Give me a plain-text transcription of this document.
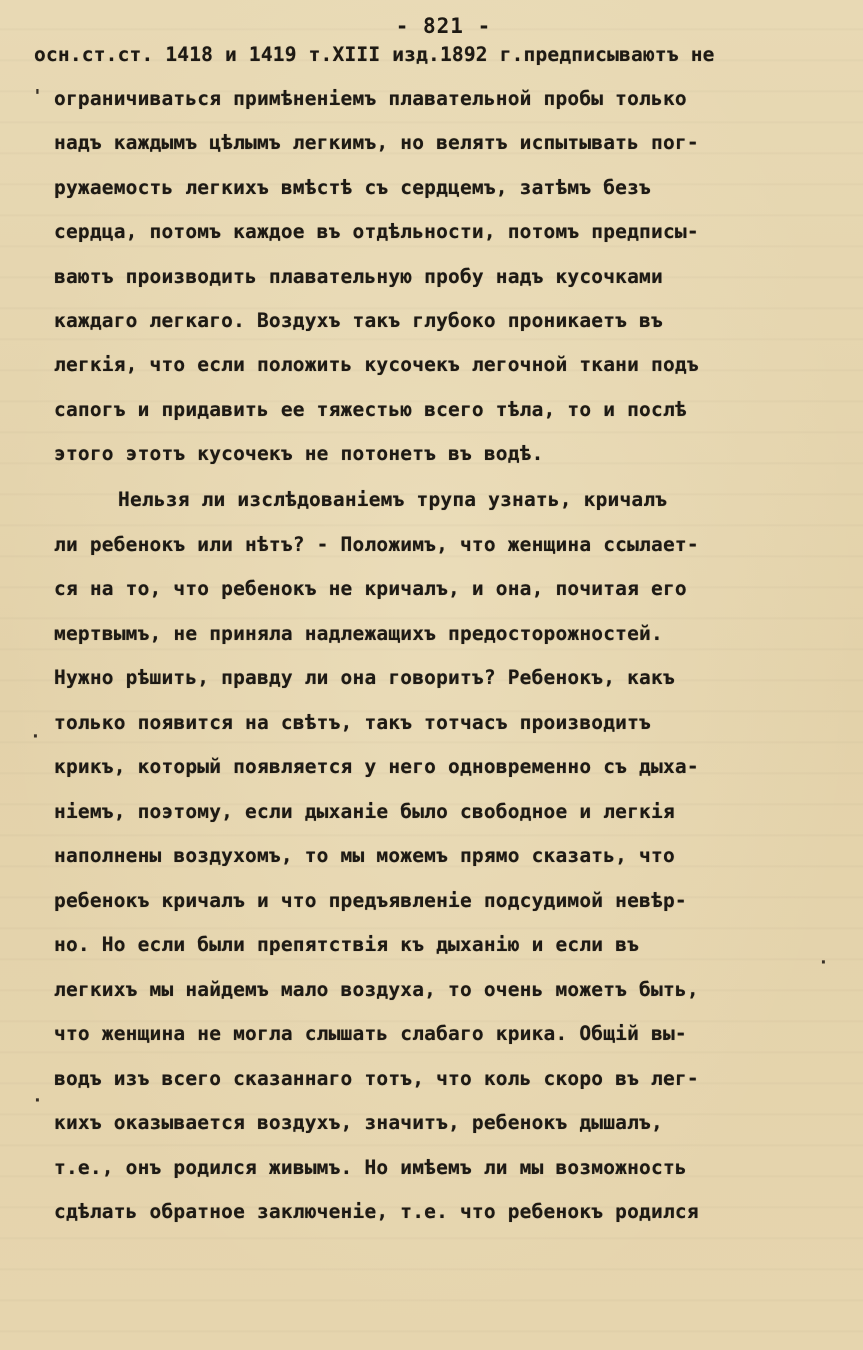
- 821 -
'
·
·
·
осн.ст.ст. 1418 и 1419 т.XIII изд.1892 г.предписываютъ не
ограничиваться примѣненіемъ плавательной пробы только
надъ каждымъ цѣлымъ легкимъ, но велятъ испытывать пог-
ружаемость легкихъ вмѣстѣ съ сердцемъ, затѣмъ безъ
сердца, потомъ каждое въ отдѣльности, потомъ предписы-
ваютъ производить плавательную пробу надъ кусочками
каждаго легкаго. Воздухъ такъ глубоко проникаетъ въ
легкія, что если положить кусочекъ легочной ткани подъ
сапогъ и придавить ее тяжестью всего тѣла, то и послѣ
этого этотъ кусочекъ не потонетъ въ водѣ.
Нельзя ли изслѣдованіемъ трупа узнать, кричалъ
ли ребенокъ или нѣтъ? - Положимъ, что женщина ссылает-
ся на то, что ребенокъ не кричалъ, и она, почитая его
мертвымъ, не приняла надлежащихъ предосторожностей.
Нужно рѣшить, правду ли она говоритъ? Ребенокъ, какъ
только появится на свѣтъ, такъ тотчасъ производитъ
крикъ, который появляется у него одновременно съ дыха-
ніемъ, поэтому, если дыханіе было свободное и легкія
наполнены воздухомъ, то мы можемъ прямо сказать, что
ребенокъ кричалъ и что предъявленіе подсудимой невѣр-
но. Но если были препятствія къ дыханію и если въ
легкихъ мы найдемъ мало воздуха, то очень можетъ быть,
что женщина не могла слышать слабаго крика. Общій вы-
водъ изъ всего сказаннаго тотъ, что коль скоро въ лег-
кихъ оказывается воздухъ, значитъ, ребенокъ дышалъ,
т.е., онъ родился живымъ. Но имѣемъ ли мы возможность
сдѣлать обратное заключеніе, т.е. что ребенокъ родился
